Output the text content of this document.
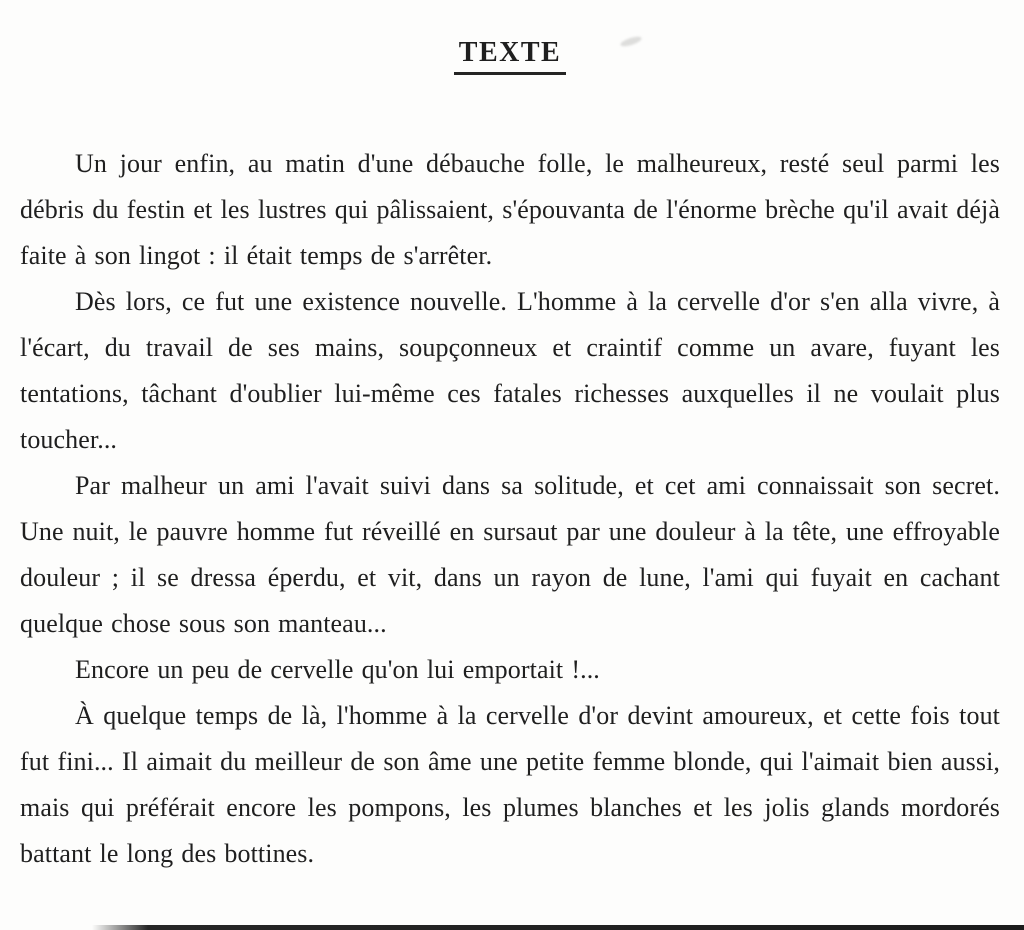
TEXTE

Un jour enfin, au matin d'une débauche folle, le malheureux, resté seul parmi les débris du festin et les lustres qui pâlissaient, s'épouvanta de l'énorme brèche qu'il avait déjà faite à son lingot : il était temps de s'arrêter.

Dès lors, ce fut une existence nouvelle. L'homme à la cervelle d'or s'en alla vivre, à l'écart, du travail de ses mains, soupçonneux et craintif comme un avare, fuyant les tentations, tâchant d'oublier lui-même ces fatales richesses auxquelles il ne voulait plus toucher...

Par malheur un ami l'avait suivi dans sa solitude, et cet ami connaissait son secret. Une nuit, le pauvre homme fut réveillé en sursaut par une douleur à la tête, une effroyable douleur ; il se dressa éperdu, et vit, dans un rayon de lune, l'ami qui fuyait en cachant quelque chose sous son manteau...

Encore un peu de cervelle qu'on lui emportait !...

À quelque temps de là, l'homme à la cervelle d'or devint amoureux, et cette fois tout fut fini... Il aimait du meilleur de son âme une petite femme blonde, qui l'aimait bien aussi, mais qui préférait encore les pompons, les plumes blanches et les jolis glands mordorés battant le long des bottines.
